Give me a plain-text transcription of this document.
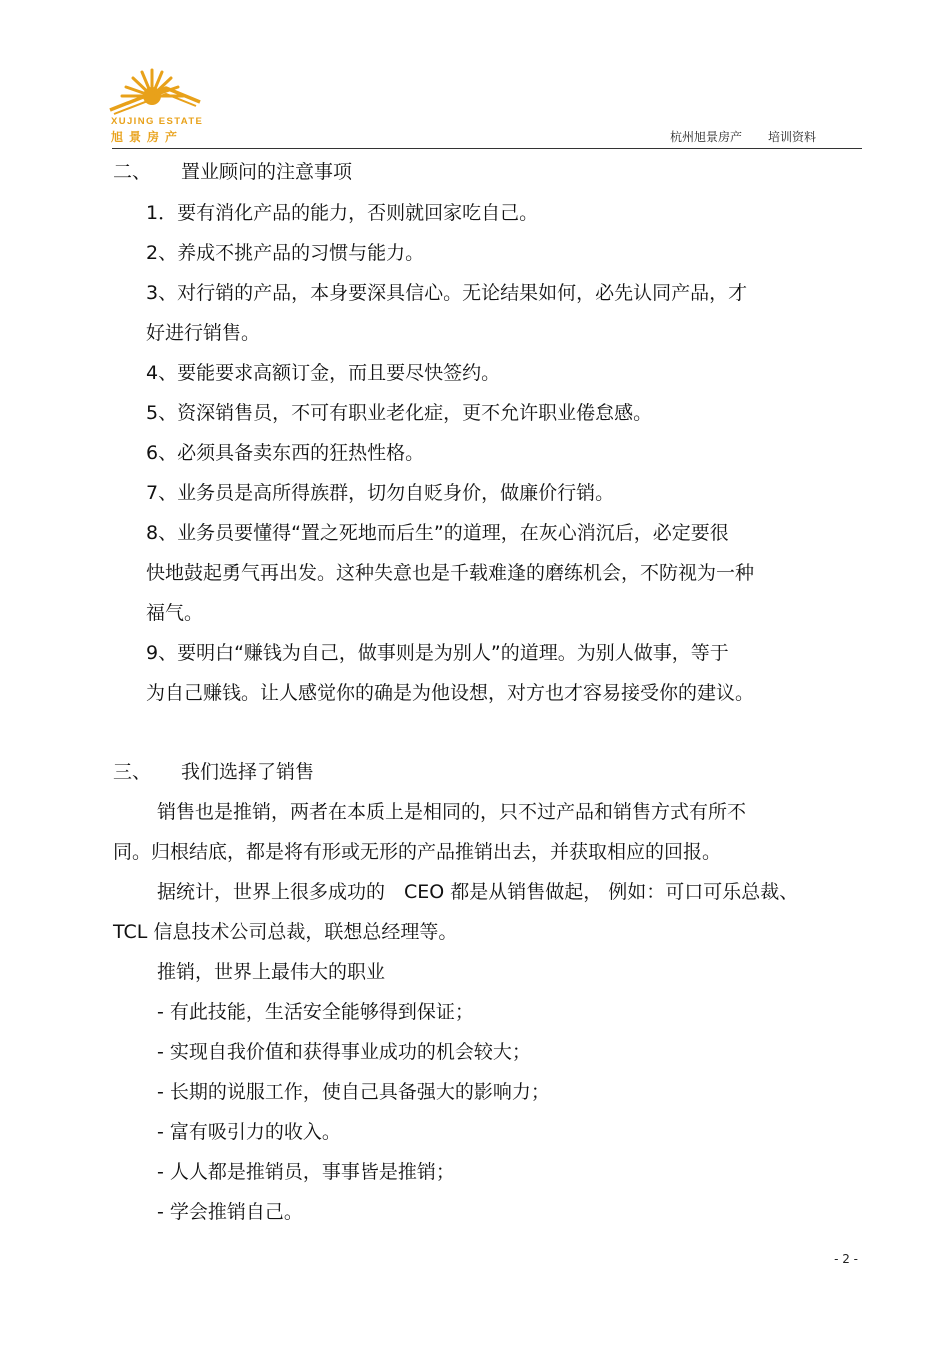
XUJING ESTATE
旭景房产	杭州旭景房产 培训资料
二、 置业顾问的注意事项
1．要有消化产品的能力，否则就回家吃自己。
2、养成不挑产品的习惯与能力。
3、对行销的产品，本身要深具信心。无论结果如何，必先认同产品，才
好进行销售。
4、要能要求高额订金，而且要尽快签约。
5、资深销售员，不可有职业老化症，更不允许职业倦怠感。
6、必须具备卖东西的狂热性格。
7、业务员是高所得族群，切勿自贬身价，做廉价行销。
8、业务员要懂得“置之死地而后生”的道理，在灰心消沉后，必定要很
快地鼓起勇气再出发。这种失意也是千载难逢的磨练机会，不防视为一种
福气。
9、要明白“赚钱为自己，做事则是为别人”的道理。为别人做事，等于
为自己赚钱。让人感觉你的确是为他设想，对方也才容易接受你的建议。
三、 我们选择了销售
销售也是推销，两者在本质上是相同的，只不过产品和销售方式有所不
同。归根结底，都是将有形或无形的产品推销出去，并获取相应的回报。
据统计，世界上很多成功的　CEO 都是从销售做起， 例如：可口可乐总裁、
TCL 信息技术公司总裁，联想总经理等。
推销，世界上最伟大的职业
- 有此技能，生活安全能够得到保证；
- 实现自我价值和获得事业成功的机会较大；
- 长期的说服工作，使自己具备强大的影响力；
- 富有吸引力的收入。
- 人人都是推销员，事事皆是推销；
- 学会推销自己。
- 2 -
